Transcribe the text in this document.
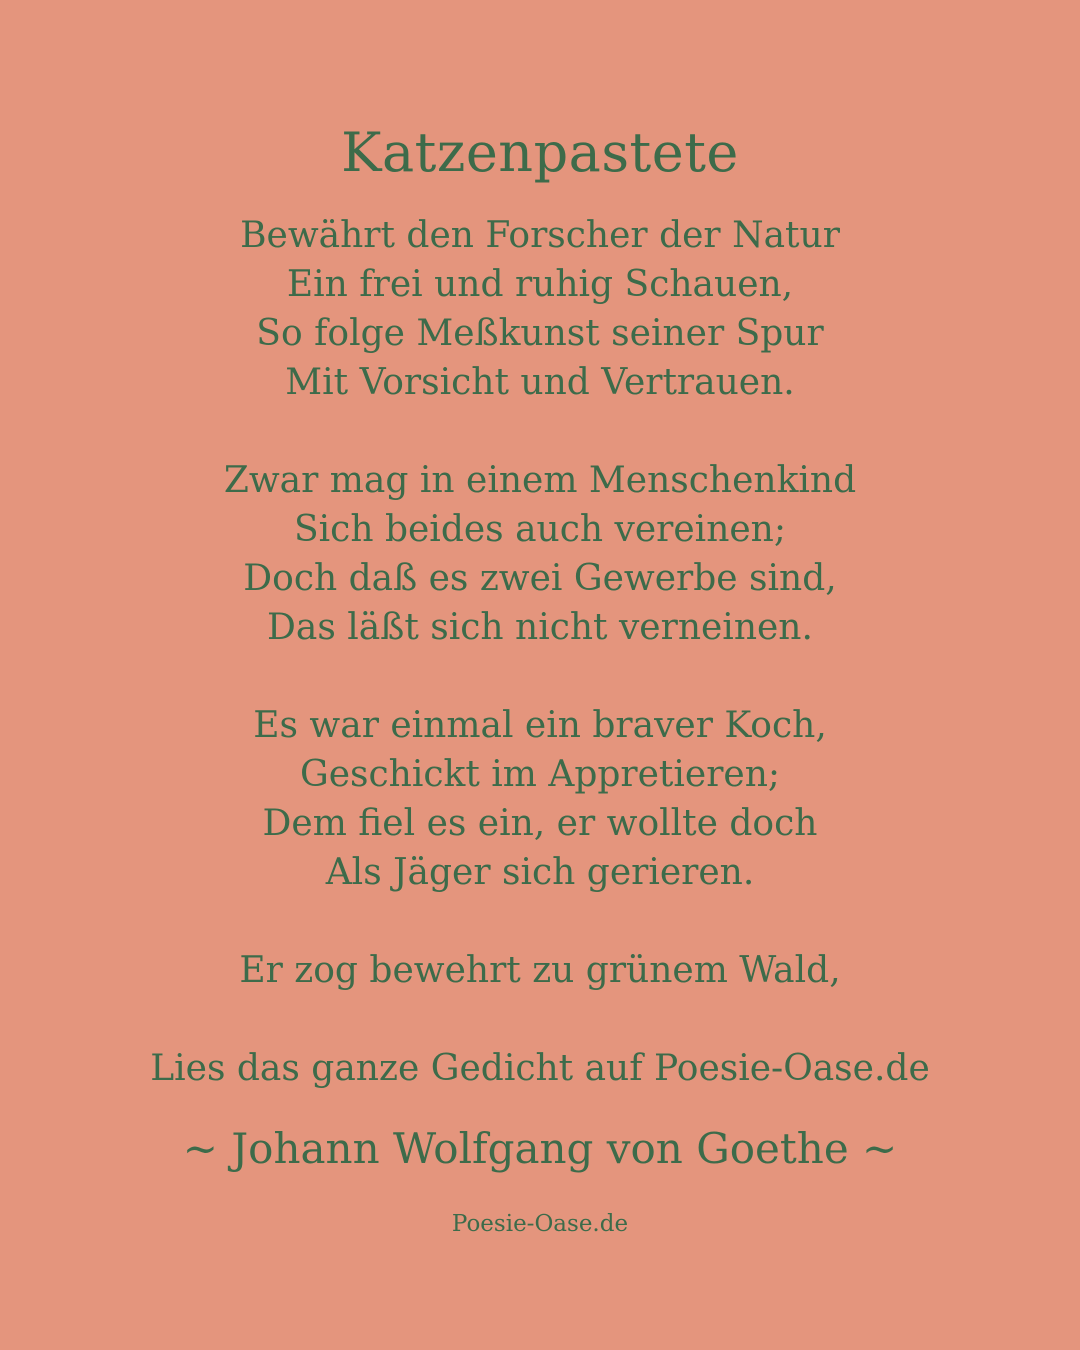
Katzenpastete
Bewährt den Forscher der Natur
Ein frei und ruhig Schauen,
So folge Meßkunst seiner Spur
Mit Vorsicht und Vertrauen.
Zwar mag in einem Menschenkind
Sich beides auch vereinen;
Doch daß es zwei Gewerbe sind,
Das läßt sich nicht verneinen.
Es war einmal ein braver Koch,
Geschickt im Appretieren;
Dem fiel es ein, er wollte doch
Als Jäger sich gerieren.
Er zog bewehrt zu grünem Wald,
Lies das ganze Gedicht auf Poesie-Oase.de
~ Johann Wolfgang von Goethe ~
Poesie-Oase.de
